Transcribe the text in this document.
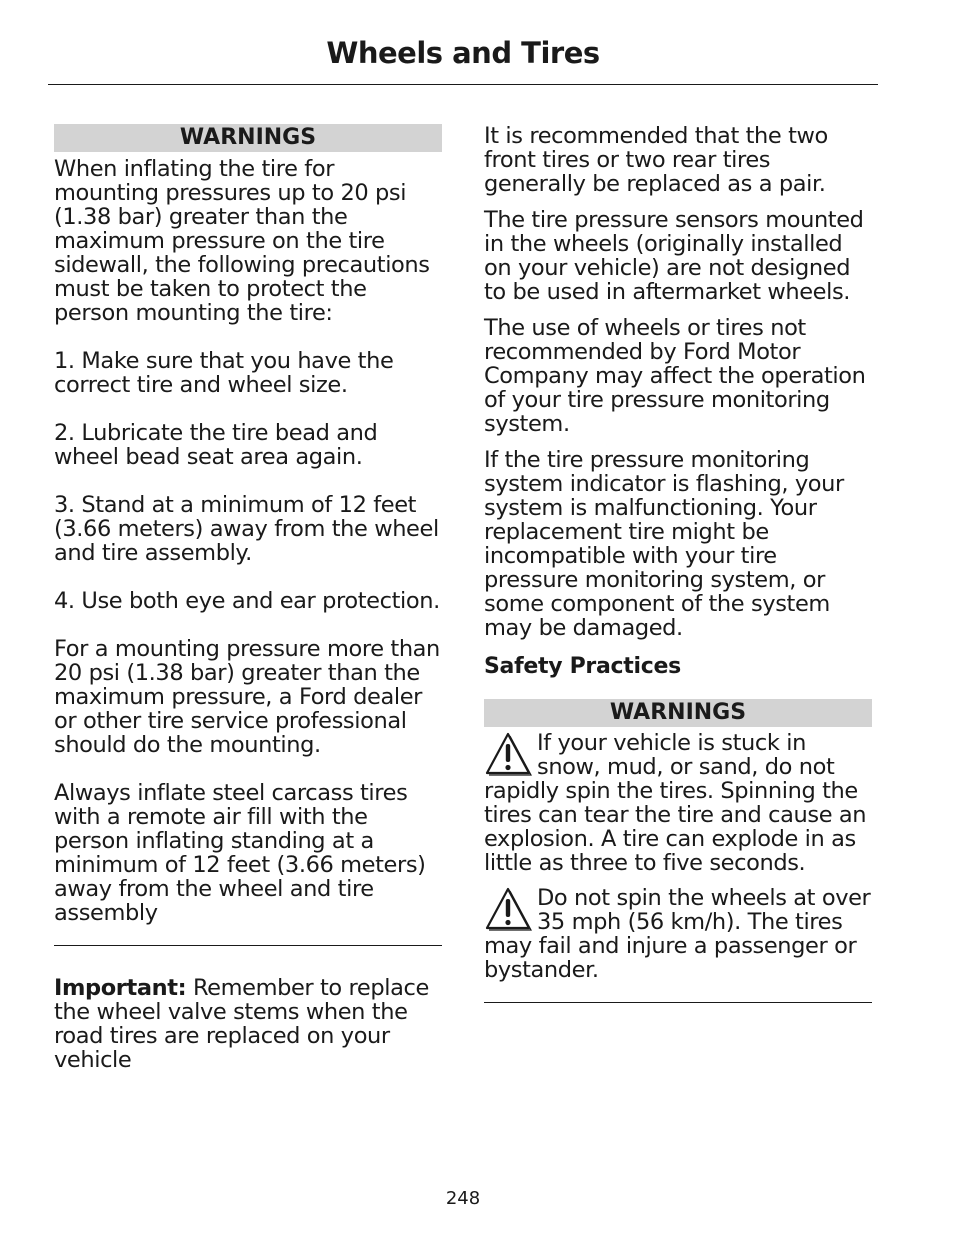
Wheels and Tires
WARNINGS

When inflating the tire for mounting pressures up to 20 psi (1.38 bar) greater than the maximum pressure on the tire sidewall, the following precautions must be taken to protect the person mounting the tire:

1. Make sure that you have the correct tire and wheel size.

2. Lubricate the tire bead and wheel bead seat area again.

3. Stand at a minimum of 12 feet (3.66 meters) away from the wheel and tire assembly.

4. Use both eye and ear protection.

For a mounting pressure more than 20 psi (1.38 bar) greater than the maximum pressure, a Ford dealer or other tire service professional should do the mounting.

Always inflate steel carcass tires with a remote air fill with the person inflating standing at a minimum of 12 feet (3.66 meters) away from the wheel and tire assembly

Important: Remember to replace the wheel valve stems when the road tires are replaced on your vehicle

It is recommended that the two front tires or two rear tires generally be replaced as a pair.

The tire pressure sensors mounted in the wheels (originally installed on your vehicle) are not designed to be used in aftermarket wheels.

The use of wheels or tires not recommended by Ford Motor Company may affect the operation of your tire pressure monitoring system.

If the tire pressure monitoring system indicator is flashing, your system is malfunctioning. Your replacement tire might be incompatible with your tire pressure monitoring system, or some component of the system may be damaged.

Safety Practices
WARNINGS

If your vehicle is stuck in snow, mud, or sand, do not rapidly spin the tires. Spinning the tires can tear the tire and cause an explosion. A tire can explode in as little as three to five seconds.

Do not spin the wheels at over 35 mph (56 km/h). The tires may fail and injure a passenger or bystander.

248
